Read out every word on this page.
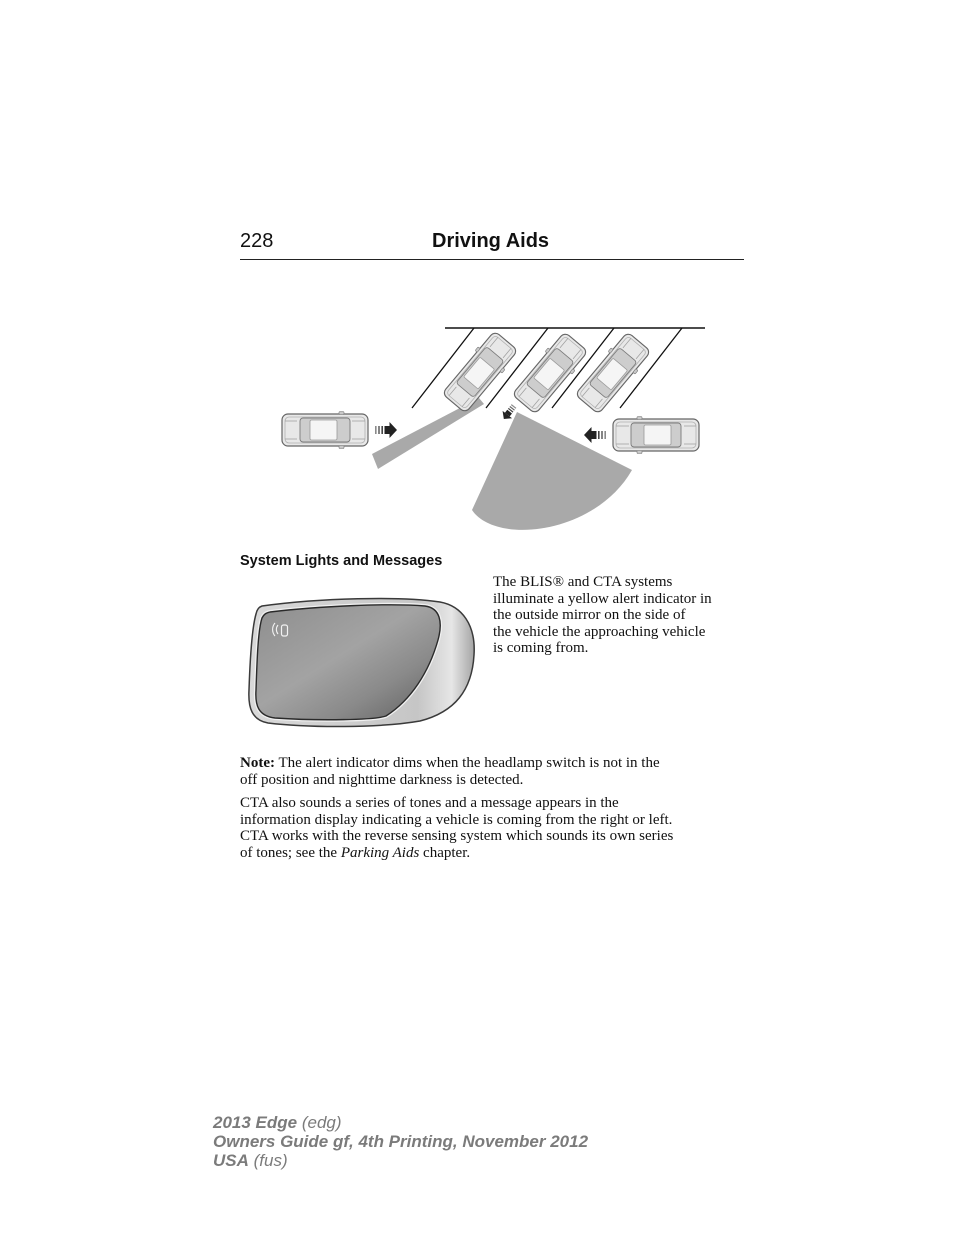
228	Driving Aids
System Lights and Messages
The BLIS® and CTA systems
illuminate a yellow alert indicator in
the outside mirror on the side of
the vehicle the approaching vehicle
is coming from.
Note: The alert indicator dims when the headlamp switch is not in the
off position and nighttime darkness is detected.
CTA also sounds a series of tones and a message appears in the
information display indicating a vehicle is coming from the right or left.
CTA works with the reverse sensing system which sounds its own series
of tones; see the Parking Aids chapter.
2013 Edge (edg)
Owners Guide gf, 4th Printing, November 2012
USA (fus)
